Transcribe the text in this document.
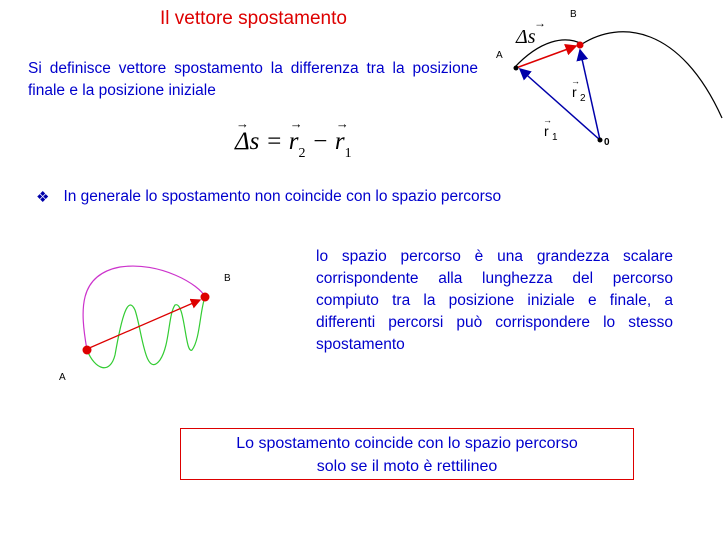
Il vettore spostamento
Si definisce vettore spostamento la differenza tra la posizione finale e la posizione iniziale
→ Δs = → $r_2$ − → $r_1$
A
B
0
Δs
→
r 2
→
r 1
→
❖ In generale lo spostamento non coincide con lo spazio percorso
A
B
lo spazio percorso è una grandezza scalare corrispondente alla lunghezza del percorso compiuto tra la posizione iniziale e finale, a differenti percorsi può corrispondere lo stesso spostamento
Lo spostamento coincide con lo spazio percorso
solo se il moto è rettilineo
